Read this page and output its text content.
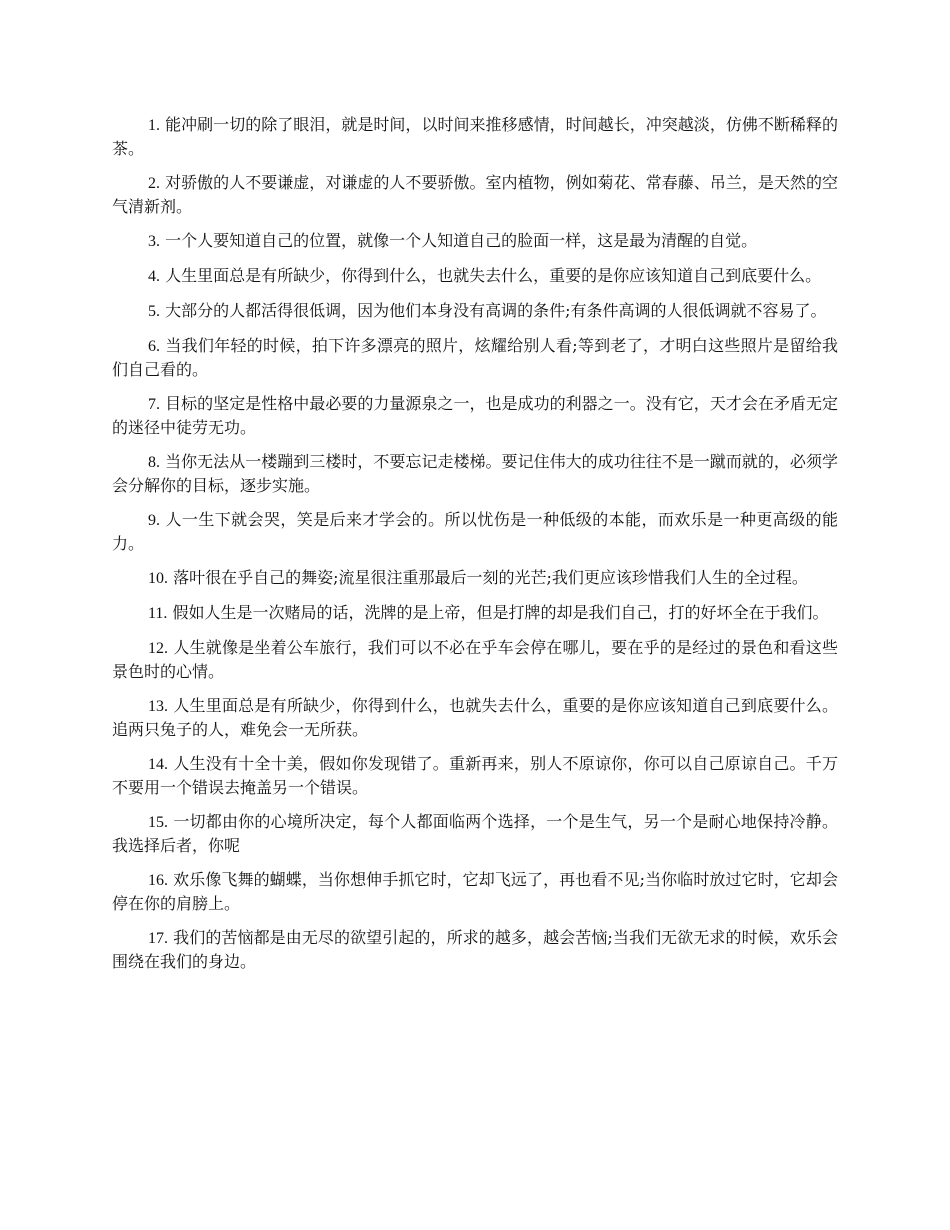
1. 能冲刷一切的除了眼泪，就是时间，以时间来推移感情，时间越长，冲突越淡，仿佛不断稀释的茶。

2. 对骄傲的人不要谦虚，对谦虚的人不要骄傲。室内植物，例如菊花、常春藤、吊兰，是天然的空气清新剂。

3. 一个人要知道自己的位置，就像一个人知道自己的脸面一样，这是最为清醒的自觉。

4. 人生里面总是有所缺少，你得到什么，也就失去什么，重要的是你应该知道自己到底要什么。

5. 大部分的人都活得很低调，因为他们本身没有高调的条件;有条件高调的人很低调就不容易了。

6. 当我们年轻的时候，拍下许多漂亮的照片，炫耀给别人看;等到老了，才明白这些照片是留给我们自己看的。

7. 目标的坚定是性格中最必要的力量源泉之一，也是成功的利器之一。没有它，天才会在矛盾无定的迷径中徒劳无功。

8. 当你无法从一楼蹦到三楼时，不要忘记走楼梯。要记住伟大的成功往往不是一蹴而就的，必须学会分解你的目标，逐步实施。

9. 人一生下就会哭，笑是后来才学会的。所以忧伤是一种低级的本能，而欢乐是一种更高级的能力。

10. 落叶很在乎自己的舞姿;流星很注重那最后一刻的光芒;我们更应该珍惜我们人生的全过程。

11. 假如人生是一次赌局的话，洗牌的是上帝，但是打牌的却是我们自己，打的好坏全在于我们。

12. 人生就像是坐着公车旅行，我们可以不必在乎车会停在哪儿，要在乎的是经过的景色和看这些景色时的心情。

13. 人生里面总是有所缺少，你得到什么，也就失去什么，重要的是你应该知道自己到底要什么。追两只兔子的人，难免会一无所获。

14. 人生没有十全十美，假如你发现错了。重新再来，别人不原谅你，你可以自己原谅自己。千万不要用一个错误去掩盖另一个错误。

15. 一切都由你的心境所决定，每个人都面临两个选择，一个是生气，另一个是耐心地保持冷静。我选择后者，你呢

16. 欢乐像飞舞的蝴蝶，当你想伸手抓它时，它却飞远了，再也看不见;当你临时放过它时，它却会停在你的肩膀上。

17. 我们的苦恼都是由无尽的欲望引起的，所求的越多，越会苦恼;当我们无欲无求的时候，欢乐会围绕在我们的身边。
